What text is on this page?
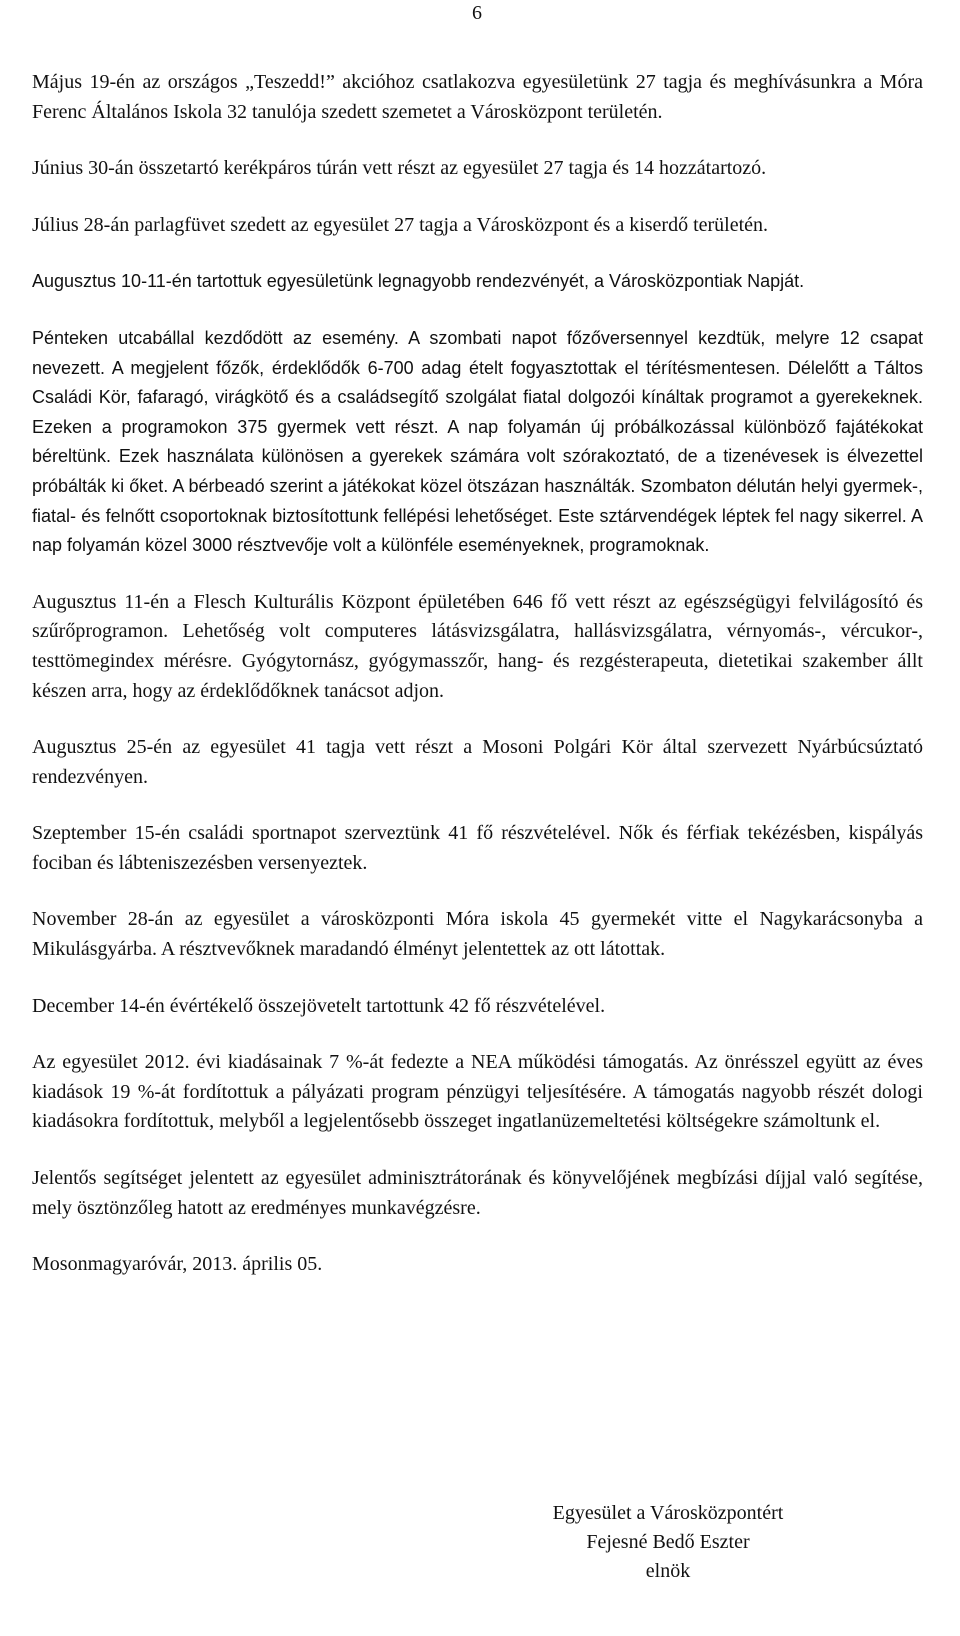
6

Május 19-én az országos „Teszedd!” akcióhoz csatlakozva egyesületünk 27 tagja és meghívásunkra a Móra Ferenc Általános Iskola 32 tanulója szedett szemetet a Városközpont területén.

Június 30-án összetartó kerékpáros túrán vett részt az egyesület 27 tagja és 14 hozzátartozó.

Július 28-án parlagfüvet szedett az egyesület 27 tagja a Városközpont és a kiserdő területén.

Augusztus 10-11-én tartottuk egyesületünk legnagyobb rendezvényét, a Városközpontiak Napját.

Pénteken utcabállal kezdődött az esemény. A szombati napot főzőversennyel kezdtük, melyre 12 csapat nevezett. A megjelent főzők, érdeklődők 6-700 adag ételt fogyasztottak el térítésmentesen. Délelőtt a Táltos Családi Kör, fafaragó, virágkötő és a családsegítő szolgálat fiatal dolgozói kínáltak programot a gyerekeknek. Ezeken a programokon 375 gyermek vett részt. A nap folyamán új próbálkozással különböző fajátékokat béreltünk. Ezek használata különösen a gyerekek számára volt szórakoztató, de a tizenévesek is élvezettel próbálták ki őket. A bérbeadó szerint a játékokat közel ötszázan használták. Szombaton délután helyi gyermek-, fiatal- és felnőtt csoportoknak biztosítottunk fellépési lehetőséget. Este sztárvendégek léptek fel nagy sikerrel. A nap folyamán közel 3000 résztvevője volt a különféle eseményeknek, programoknak.

Augusztus 11-én a Flesch Kulturális Központ épületében 646 fő vett részt az egészségügyi felvilágosító és szűrőprogramon. Lehetőség volt computeres látásvizsgálatra, hallásvizsgálatra, vérnyomás-, vércukor-, testtömegindex mérésre. Gyógytornász, gyógymasszőr, hang- és rezgésterapeuta, dietetikai szakember állt készen arra, hogy az érdeklődőknek tanácsot adjon.

Augusztus 25-én az egyesület 41 tagja vett részt a Mosoni Polgári Kör által szervezett Nyárbúcsúztató rendezvényen.

Szeptember 15-én családi sportnapot szerveztünk 41 fő részvételével. Nők és férfiak tekézésben, kispályás fociban és lábteniszezésben versenyeztek.

November 28-án az egyesület a városközponti Móra iskola 45 gyermekét vitte el Nagykarácsonyba a Mikulásgyárba. A résztvevőknek maradandó élményt jelentettek az ott látottak.

December 14-én évértékelő összejövetelt tartottunk 42 fő részvételével.

Az egyesület 2012. évi kiadásainak 7 %-át fedezte a NEA működési támogatás. Az önrésszel együtt az éves kiadások 19 %-át fordítottuk a pályázati program pénzügyi teljesítésére. A támogatás nagyobb részét dologi kiadásokra fordítottuk, melyből a legjelentősebb összeget ingatlanüzemeltetési költségekre számoltunk el.

Jelentős segítséget jelentett az egyesület adminisztrátorának és könyvelőjének megbízási díjjal való segítése, mely ösztönzőleg hatott az eredményes munkavégzésre.

Mosonmagyaróvár, 2013. április 05.

Egyesület a Városközpontért
Fejesné Bedő Eszter
elnök
